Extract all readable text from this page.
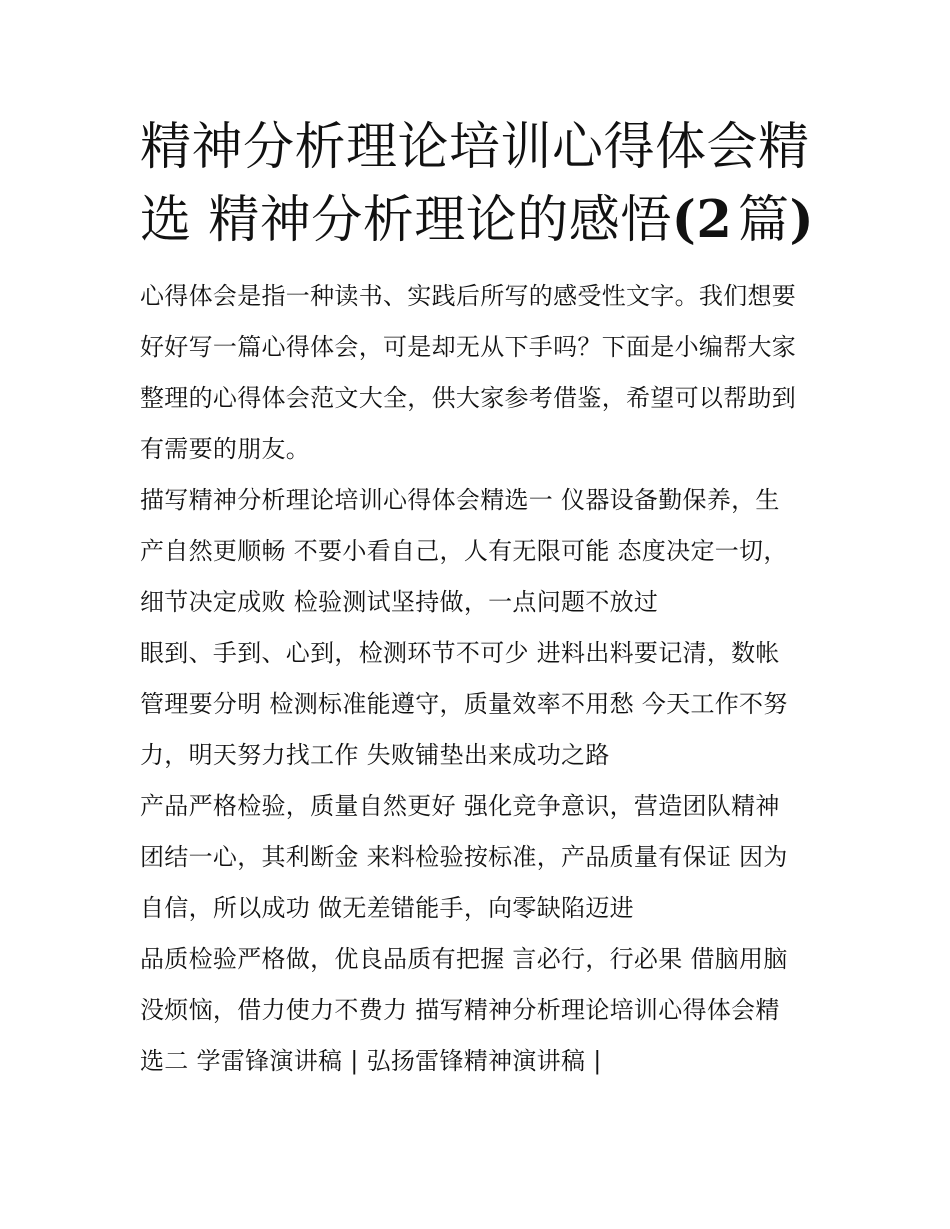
精神分析理论培训心得体会精
选 精神分析理论的感悟(2  篇)

心得体会是指一种读书、实践后所写的感受性文字。我们想要
好好写一篇心得体会，可是却无从下手吗？下面是小编帮大家
整理的心得体会范文大全，供大家参考借鉴，希望可以帮助到
有需要的朋友。

描写精神分析理论培训心得体会精选一 仪器设备勤保养，生
产自然更顺畅 不要小看自己，人有无限可能 态度决定一切，
细节决定成败 检验测试坚持做，一点问题不放过

眼到、手到、心到，检测环节不可少 进料出料要记清，数帐
管理要分明 检测标准能遵守，质量效率不用愁 今天工作不努
力，明天努力找工作 失败铺垫出来成功之路

产品严格检验，质量自然更好 强化竞争意识，营造团队精神
团结一心，其利断金 来料检验按标准，产品质量有保证 因为
自信，所以成功 做无差错能手，向零缺陷迈进

品质检验严格做，优良品质有把握 言必行，行必果 借脑用脑
没烦恼，借力使力不费力 描写精神分析理论培训心得体会精
选二 学雷锋演讲稿 | 弘扬雷锋精神演讲稿 |
